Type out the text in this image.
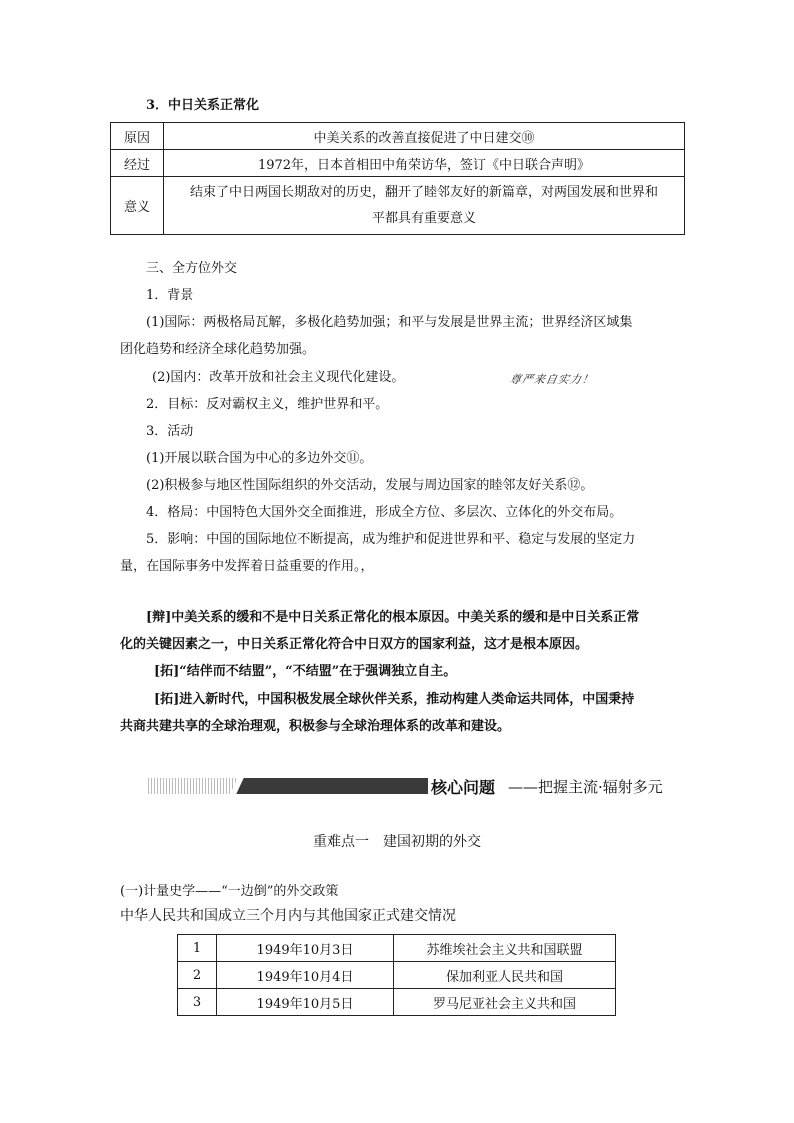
3．中日关系正常化
原因	中美关系的改善直接促进了中日建交⑩
经过	1972年，日本首相田中角荣访华，签订《中日联合声明》
意义	结束了中日两国长期敌对的历史，翻开了睦邻友好的新篇章，对两国发展和世界和
平都具有重要意义
三、全方位外交
1．背景
(1)国际：两极格局瓦解，多极化趋势加强；和平与发展是世界主流；世界经济区域集
团化趋势和经济全球化趋势加强。
(2)国内：改革开放和社会主义现代化建设。	尊严来自实力！
2．目标：反对霸权主义，维护世界和平。
3．活动
(1)开展以联合国为中心的多边外交⑪。
(2)积极参与地区性国际组织的外交活动，发展与周边国家的睦邻友好关系⑫。
4．格局：中国特色大国外交全面推进，形成全方位、多层次、立体化的外交布局。
5．影响：中国的国际地位不断提高，成为维护和促进世界和平、稳定与发展的坚定力
量，在国际事务中发挥着日益重要的作用。，
[辩]中美关系的缓和不是中日关系正常化的根本原因。中美关系的缓和是中日关系正常
化的关键因素之一，中日关系正常化符合中日双方的国家利益，这才是根本原因。
[拓]“结伴而不结盟”，“不结盟”在于强调独立自主。
[拓]进入新时代，中国积极发展全球伙伴关系，推动构建人类命运共同体，中国秉持
共商共建共享的全球治理观，积极参与全球治理体系的改革和建设。
核心问题 ——把握主流·辐射多元
重难点一　建国初期的外交
(一)计量史学——“一边倒”的外交政策
中华人民共和国成立三个月内与其他国家正式建交情况
1	1949年10月3日	苏维埃社会主义共和国联盟
2	1949年10月4日	保加利亚人民共和国
3	1949年10月5日	罗马尼亚社会主义共和国
